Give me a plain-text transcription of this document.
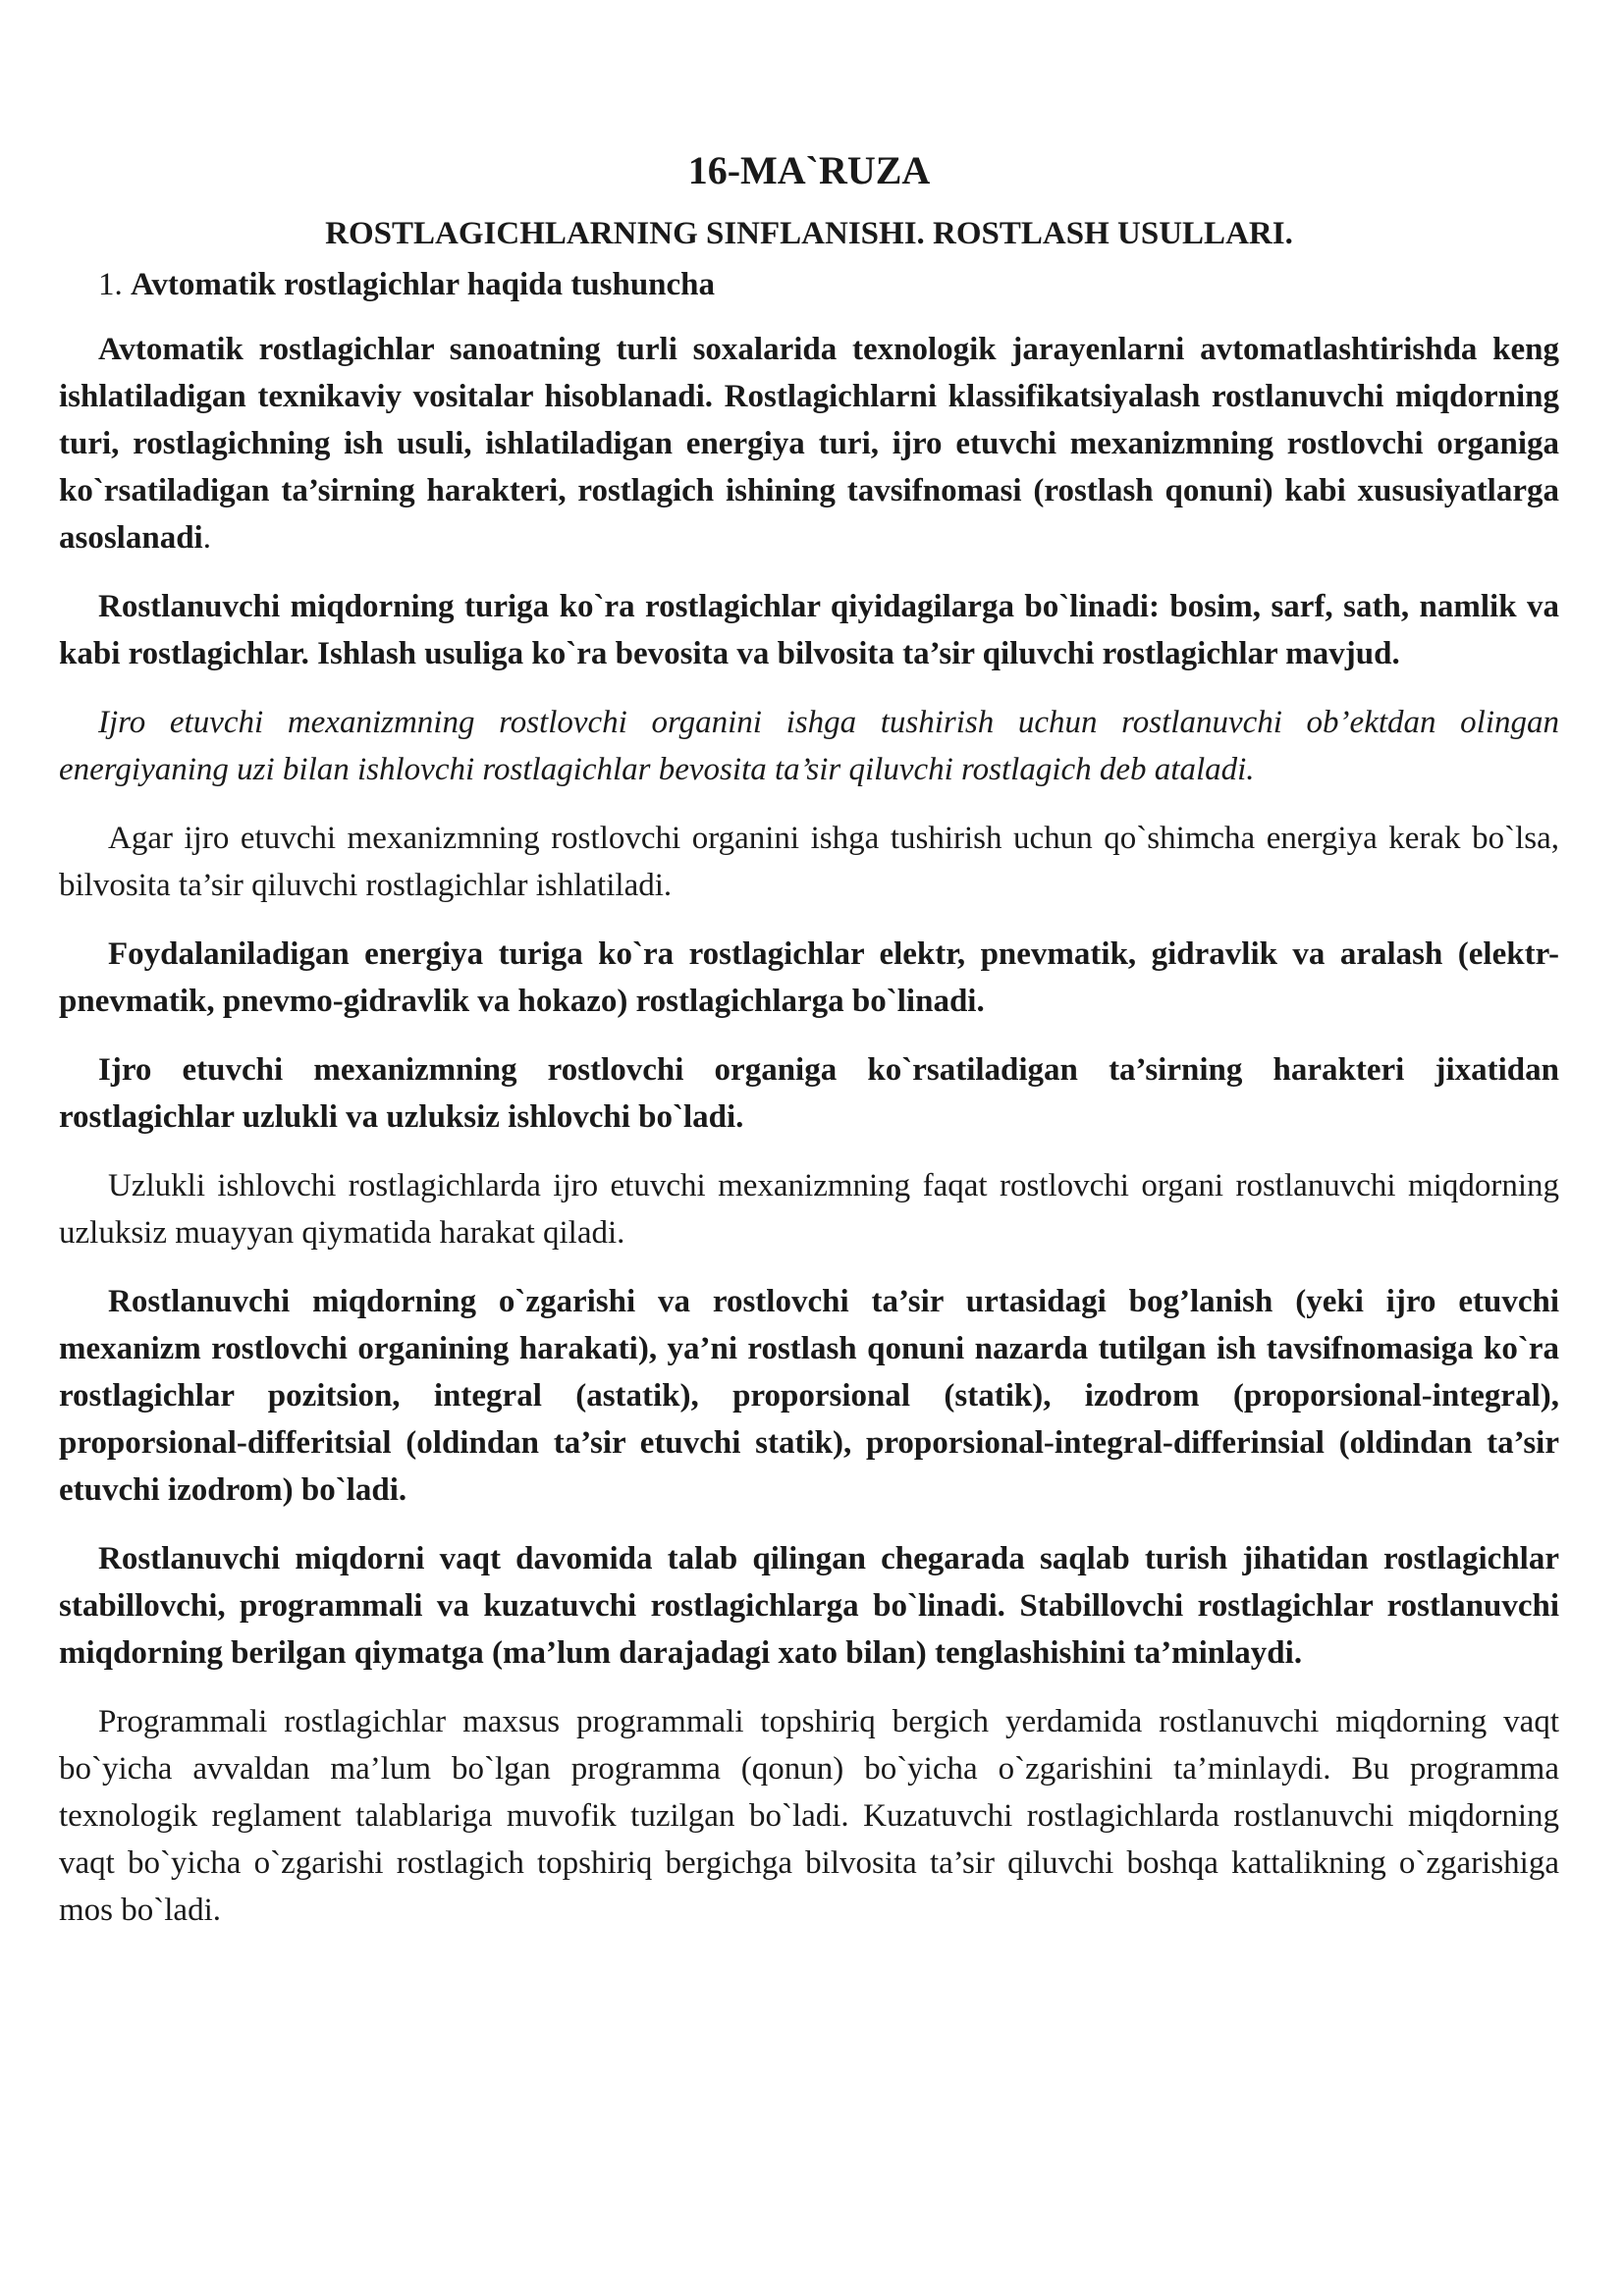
16-MA`RUZA
ROSTLAGICHLARNING SINFLANISHI. ROSTLASH USULLARI.
1. Avtomatik rostlagichlar haqida tushuncha

Avtomatik rostlagichlar sanoatning turli soxalarida texnologik jarayenlarni avtomatlashtirishda keng ishlatiladigan texnikaviy vositalar hisoblanadi. Rostlagichlarni klassifikatsiyalash rostlanuvchi miqdorning turi, rostlagichning ish usuli, ishlatiladigan energiya turi, ijro etuvchi mexanizmning rostlovchi organiga ko`rsatiladigan ta’sirning harakteri, rostlagich ishining tavsifnomasi (rostlash qonuni) kabi xususiyatlarga asoslanadi.

Rostlanuvchi miqdorning turiga ko`ra rostlagichlar qiyidagilarga bo`linadi: bosim, sarf, sath, namlik va kabi rostlagichlar. Ishlash usuliga ko`ra bevosita va bilvosita ta’sir qiluvchi rostlagichlar mavjud.

Ijro etuvchi mexanizmning rostlovchi organini ishga tushirish uchun rostlanuvchi ob’ektdan olingan energiyaning uzi bilan ishlovchi rostlagichlar bevosita ta’sir qiluvchi rostlagich deb ataladi.

Agar ijro etuvchi mexanizmning rostlovchi organini ishga tushirish uchun qo`shimcha energiya kerak bo`lsa, bilvosita ta’sir qiluvchi rostlagichlar ishlatiladi.

Foydalaniladigan energiya turiga ko`ra rostlagichlar elektr, pnevmatik, gidravlik va aralash (elektr-pnevmatik, pnevmo-gidravlik va hokazo) rostlagichlarga bo`linadi.

Ijro etuvchi mexanizmning rostlovchi organiga ko`rsatiladigan ta’sirning harakteri jixatidan rostlagichlar uzlukli va uzluksiz ishlovchi bo`ladi.

Uzlukli ishlovchi rostlagichlarda ijro etuvchi mexanizmning faqat rostlovchi organi rostlanuvchi miqdorning uzluksiz muayyan qiymatida harakat qiladi.

Rostlanuvchi miqdorning o`zgarishi va rostlovchi ta’sir urtasidagi bog’lanish (yeki ijro etuvchi mexanizm rostlovchi organining harakati), ya’ni rostlash qonuni nazarda tutilgan ish tavsifnomasiga ko`ra rostlagichlar pozitsion, integral (astatik), proporsional (statik), izodrom (proporsional-integral), proporsional-differitsial (oldindan ta’sir etuvchi statik), proporsional-integral-differinsial (oldindan ta’sir etuvchi izodrom) bo`ladi.

Rostlanuvchi miqdorni vaqt davomida talab qilingan chegarada saqlab turish jihatidan rostlagichlar stabillovchi, programmali va kuzatuvchi rostlagichlarga bo`linadi. Stabillovchi rostlagichlar rostlanuvchi miqdorning berilgan qiymatga (ma’lum darajadagi xato bilan) tenglashishini ta’minlaydi.

Programmali rostlagichlar maxsus programmali topshiriq bergich yerdamida rostlanuvchi miqdorning vaqt bo`yicha avvaldan ma’lum bo`lgan programma (qonun) bo`yicha o`zgarishini ta’minlaydi. Bu programma texnologik reglament talablariga muvofik tuzilgan bo`ladi. Kuzatuvchi rostlagichlarda rostlanuvchi miqdorning vaqt bo`yicha o`zgarishi rostlagich topshiriq bergichga bilvosita ta’sir qiluvchi boshqa kattalikning o`zgarishiga mos bo`ladi.
